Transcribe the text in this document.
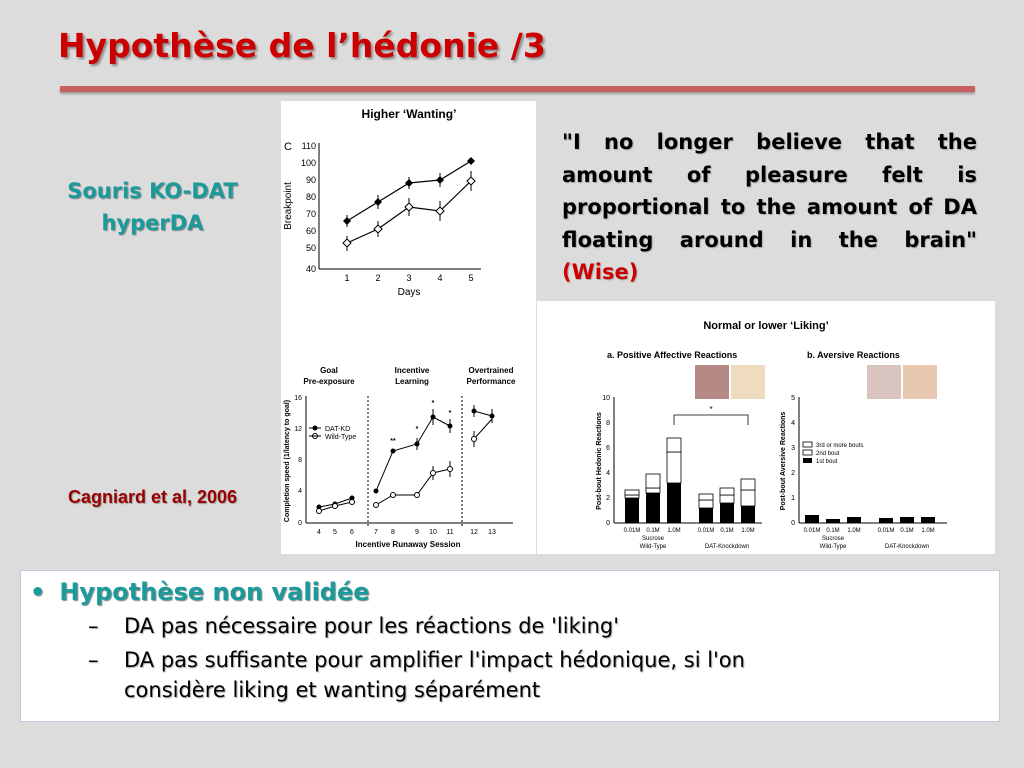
Hypothèse de l’hédonie /3
Souris KO-DAT
hyperDA
Cagniard et al, 2006
Higher ‘Wanting’
C 110
100
90
80
70
60
50
40
1	2	3	4	5
Days
Breakpoint
Goal
Pre-exposure
Incentive
Learning
Overtrained
Performance
16
12
8
4
0
4 5 6	7 8	9 10 11 12 13
Incentive Runaway Session
Completion speed (1/latency to goal)	DAT-KD
Wild-Type
**
*
*
*
"I no longer believe that the amount of pleasure felt is proportional to the amount of DA floating around in the brain" (Wise)
Normal or lower ‘Liking’
a. Positive Affective Reactions	b. Aversive Reactions
10
8
6
4
2
0
Post-bout Hedonic Reactions
*
0.01M 0.1M 1.0M	0.01M 0.1M 1.0M
Sucrose
Wild-Type	DAT-Knockdown
5
4
3
2
1
0
Post-bout Aversive Reactions	3rd or more bouts
2nd bout
1st bout
0.01M 0.1M 1.0M	0.01M 0.1M 1.0M
Sucrose
Wild-Type	DAT-Knockdown
• Hypothèse non validée
– DA pas nécessaire pour les réactions de 'liking'
– DA pas suffisante pour amplifier l'impact hédonique, si l'on
considère liking et wanting séparément
